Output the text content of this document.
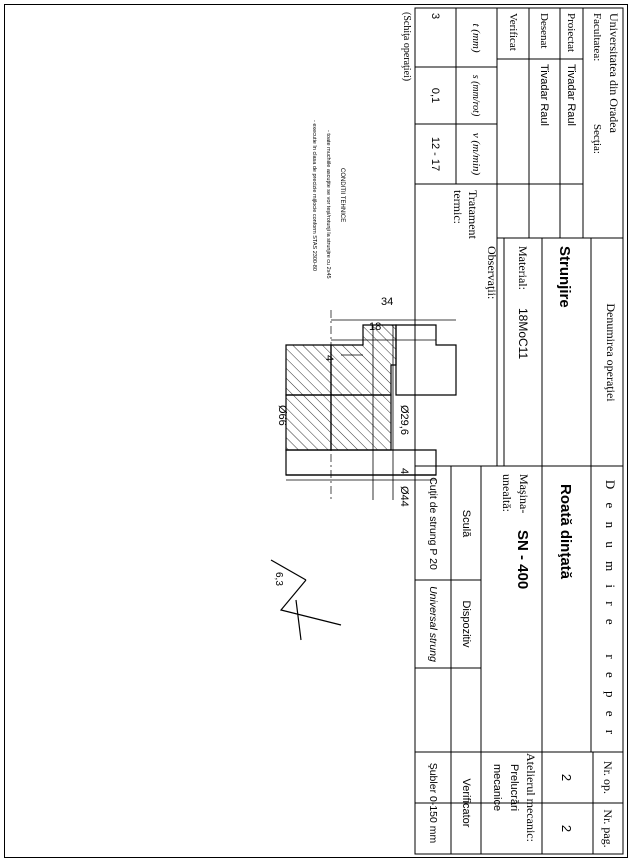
Universitatea din Oradea
Facultatea:
Secţia:
Proiectat
Tivadar Raul
Desenat
Tivadar Raul
Verificat
t (mm)
s (mm/rot)
v (m/min)
3
0,1
12 - 17
Tratament
termic:
Denumirea operaţiei
Strunjire
Material:
18MoC11
Observaţii:
D e n u m i r e   r e p e r
Roată dinţată
Maşina-
unealtă:
SN - 400
Sculă
Dispozitiv
Verificator
Cuţit de strung P 20
Universal strung
Şubler 0-150 mm	Nr. op.
Nr. pag.
2
2
Atelierul mecanic:
Prelucrări
mecanice
(Schiţa operaţiei)
34
18
4
4
Ø44
Ø29,6
Ø66
6,3
CONDITII TEHNICE
- toate muchiile ascuţite se vor teşi/rotunji la strunjire cu 2x45
- executie în clasa de precizie mijlocie conform STAS 2300-80
